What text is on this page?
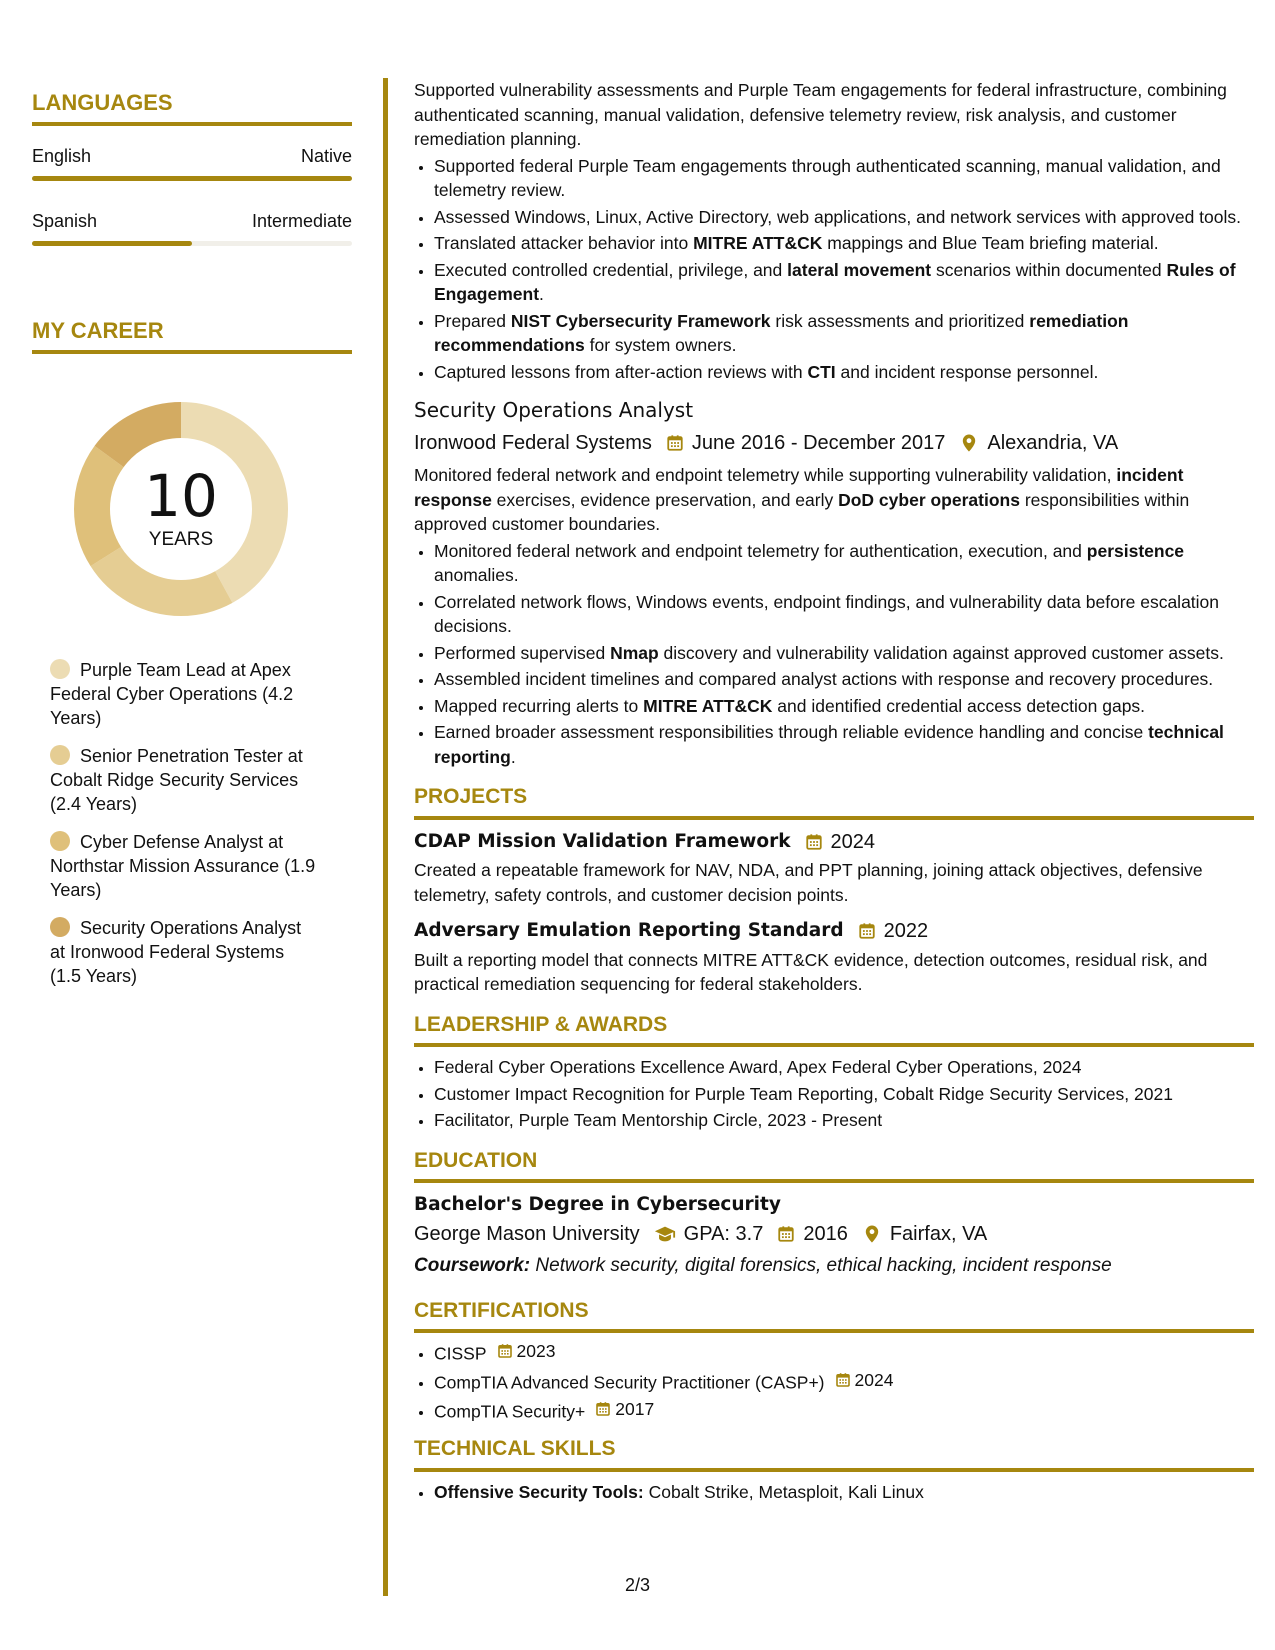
LANGUAGES
English	Native
Spanish	Intermediate
MY CAREER
10
YEARS
Purple Team Lead at Apex Federal Cyber Operations (4.2 Years)
Senior Penetration Tester at Cobalt Ridge Security Services (2.4 Years)
Cyber Defense Analyst at Northstar Mission Assurance (1.9 Years)
Security Operations Analyst at Ironwood Federal Systems (1.5 Years)

Supported vulnerability assessments and Purple Team engagements for federal infrastructure, combining authenticated scanning, manual validation, defensive telemetry review, risk analysis, and customer remediation planning.

• Supported federal Purple Team engagements through authenticated scanning, manual validation, and telemetry review.
• Assessed Windows, Linux, Active Directory, web applications, and network services with approved tools.
• Translated attacker behavior into MITRE ATT&CK mappings and Blue Team briefing material.
• Executed controlled credential, privilege, and lateral movement scenarios within documented Rules of Engagement.
• Prepared NIST Cybersecurity Framework risk assessments and prioritized remediation recommendations for system owners.
• Captured lessons from after-action reviews with CTI and incident response personnel.
Security Operations Analyst
Ironwood Federal Systems June 2016 - December 2017 Alexandria, VA

Monitored federal network and endpoint telemetry while supporting vulnerability validation, incident response exercises, evidence preservation, and early DoD cyber operations responsibilities within approved customer boundaries.

• Monitored federal network and endpoint telemetry for authentication, execution, and persistence anomalies.
• Correlated network flows, Windows events, endpoint findings, and vulnerability data before escalation decisions.
• Performed supervised Nmap discovery and vulnerability validation against approved customer assets.
• Assembled incident timelines and compared analyst actions with response and recovery procedures.
• Mapped recurring alerts to MITRE ATT&CK and identified credential access detection gaps.
• Earned broader assessment responsibilities through reliable evidence handling and concise technical reporting.
PROJECTS
CDAP Mission Validation Framework 2024

Created a repeatable framework for NAV, NDA, and PPT planning, joining attack objectives, defensive telemetry, safety controls, and customer decision points.

Adversary Emulation Reporting Standard 2022

Built a reporting model that connects MITRE ATT&CK evidence, detection outcomes, residual risk, and practical remediation sequencing for federal stakeholders.

LEADERSHIP & AWARDS
• Federal Cyber Operations Excellence Award, Apex Federal Cyber Operations, 2024
• Customer Impact Recognition for Purple Team Reporting, Cobalt Ridge Security Services, 2021
• Facilitator, Purple Team Mentorship Circle, 2023 - Present
EDUCATION
Bachelor's Degree in Cybersecurity
George Mason University GPA: 3.7 2016 Fairfax, VA
Coursework: Network security, digital forensics, ethical hacking, incident response
CERTIFICATIONS
• CISSP 2023
• CompTIA Advanced Security Practitioner (CASP+) 2024
• CompTIA Security+ 2017
TECHNICAL SKILLS
• Offensive Security Tools: Cobalt Strike, Metasploit, Kali Linux
2/3
